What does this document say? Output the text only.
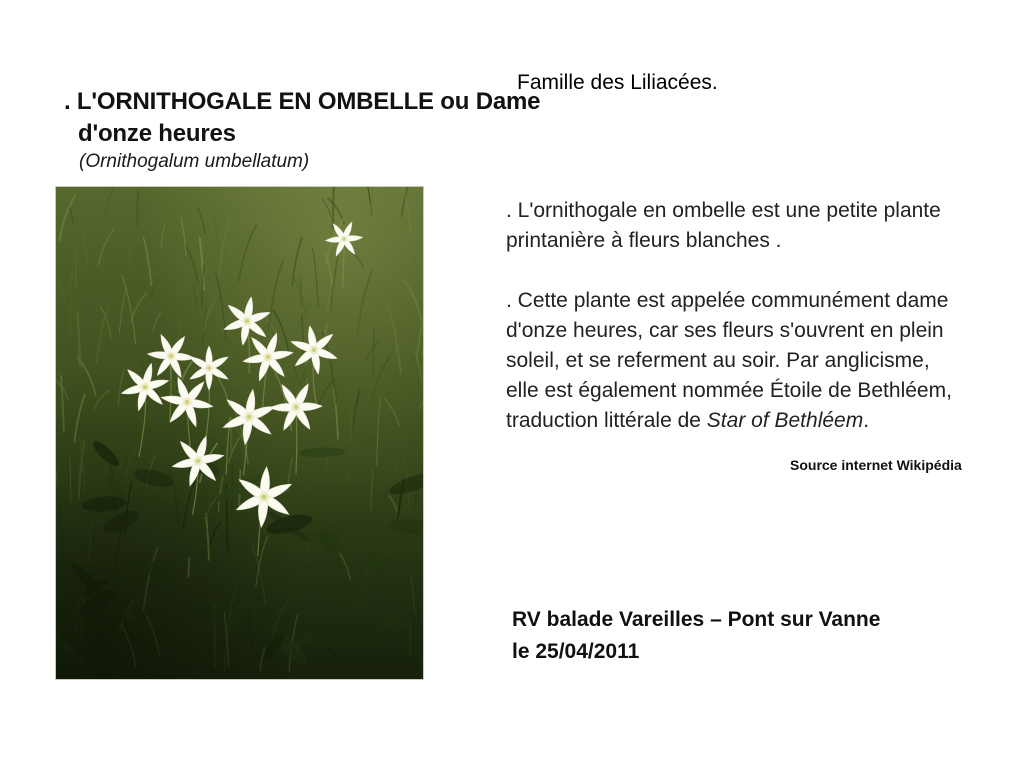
. L'ORNITHOGALE EN OMBELLE ou Dame
d'onze heures
(Ornithogalum umbellatum)
Famille des Liliacées.
. L'ornithogale en ombelle est une petite plante
printanière à fleurs blanches .
. Cette plante est appelée communément dame
d'onze heures, car ses fleurs s'ouvrent en plein
soleil, et se referment au soir. Par anglicisme,
elle est également nommée Étoile de Bethléem,
traduction littérale de Star of Bethléem.
Source internet Wikipédia
RV balade Vareilles – Pont sur Vanne
le 25/04/2011
